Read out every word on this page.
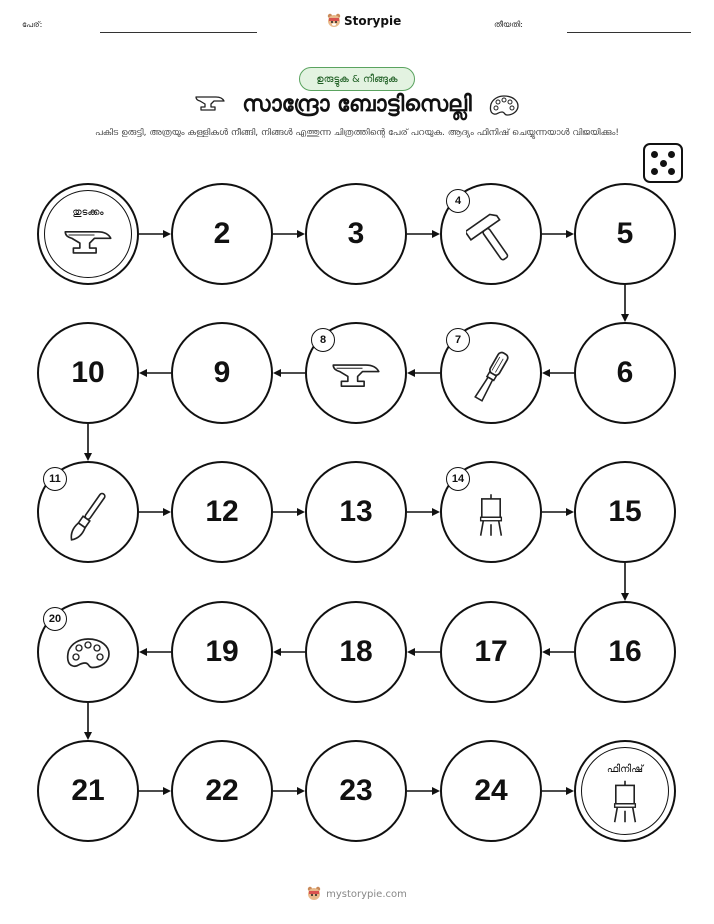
പേര്:	Storypie	തീയതി:
ഉരുട്ടുക & നീങ്ങുക
സാന്ദ്രോ ബോട്ടിസെല്ലി
പകിട ഉരുട്ടി, അത്രയും കള്ളികൾ നീങ്ങി, നിങ്ങൾ എത്തുന്ന ചിത്രത്തിന്റെ പേര് പറയുക. ആദ്യം ഫിനിഷ് ചെയ്യുന്നയാൾ വിജയിക്കും!
തുടക്കം
2	3
4
5
6
7
8
9
10
11
12	13
14
15
16
17
18
19
20
21	22	23	24
ഫിനിഷ്
mystorypie.com
